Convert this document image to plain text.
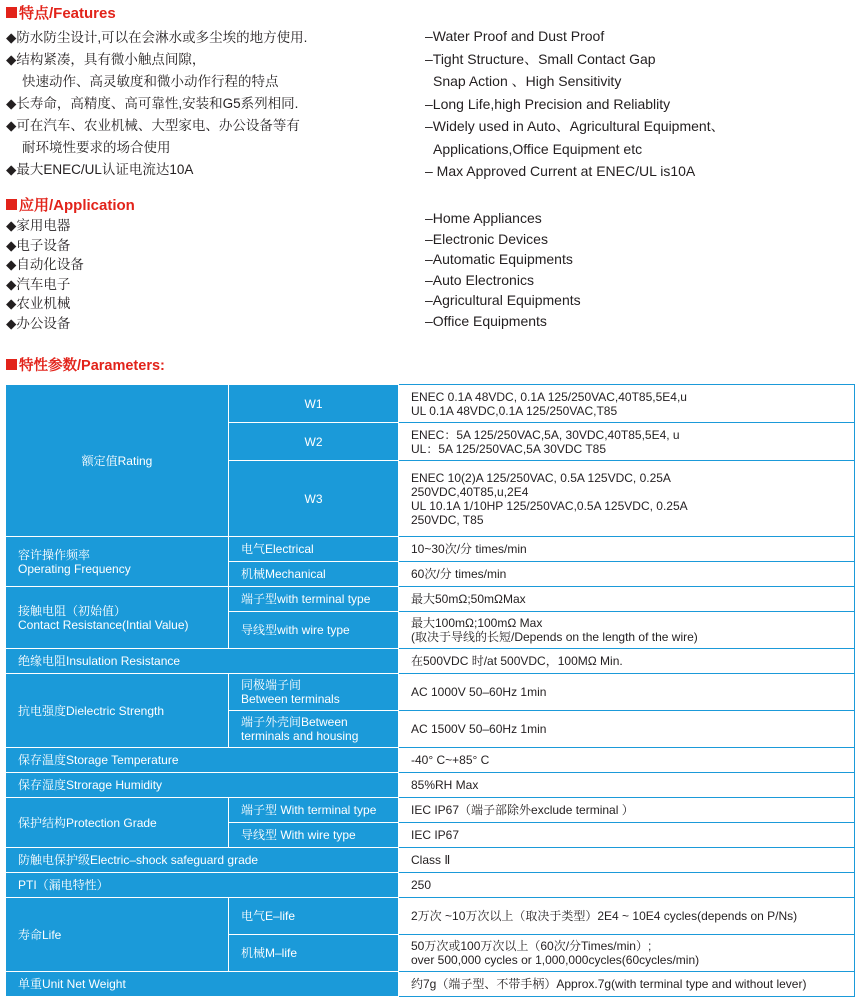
特点/Features
◆防水防尘设计,可以在会淋水或多尘埃的地方使用.
◆结构紧凑，具有微小触点间隙，
快速动作、高灵敏度和微小动作行程的特点
◆长寿命，高精度、高可靠性,安装和G5系列相同.
◆可在汽车、农业机械、大型家电、办公设备等有
耐环境性要求的场合使用
◆最大ENEC/UL认证电流达10A
–Water Proof and Dust Proof
–Tight Structure、Small Contact Gap
Snap Action 、High Sensitivity
–Long Life,high Precision and Reliablity
–Widely used in Auto、Agricultural Equipment、
Applications,Office Equipment etc
– Max Approved Current at ENEC/UL is10A
应用/Application
◆家用电器
◆电子设备
◆自动化设备
◆汽车电子
◆农业机械
◆办公设备
–Home Appliances
–Electronic Devices
–Automatic Equipments
–Auto Electronics
–Agricultural Equipments
–Office Equipments
特性参数/Parameters:
额定值Rating	W1	ENEC 0.1A 48VDC, 0.1A 125/250VAC,40T85,5E4,u
UL 0.1A 48VDC,0.1A 125/250VAC,T85
	W2	ENEC：5A 125/250VAC,5A, 30VDC,40T85,5E4, u
UL：5A 125/250VAC,5A 30VDC T85
	W3	ENEC 10(2)A 125/250VAC, 0.5A 125VDC, 0.25A
250VDC,40T85,u,2E4
UL 10.1A 1/10HP 125/250VAC,0.5A 125VDC, 0.25A
250VDC, T85
容许操作频率
Operating Frequency	电气Electrical	10~30次/分 times/min
	机械Mechanical	60次/分 times/min
接触电阻（初始值）
Contact Resistance(Intial Value)	端子型with terminal type	最大50mΩ;50mΩMax
	导线型with wire type	最大100mΩ;100mΩ Max
(取决于导线的长短/Depends on the length of the wire)
绝缘电阻Insulation Resistance		在500VDC 时/at 500VDC，100MΩ Min.
抗电强度Dielectric Strength	同极端子间
Between terminals	AC 1000V 50–60Hz 1min
	端子外壳间Between
terminals and housing	AC 1500V 50–60Hz 1min
保存温度Storage Temperature		-40° C~+85° C
保存湿度Strorage Humidity		85%RH Max
保护结构Protection Grade	端子型 With terminal type	IEC IP67（端子部除外exclude terminal ）
	导线型 With wire type	IEC IP67
防触电保护级Electric–shock safeguard grade		Class Ⅱ
PTI（漏电特性）		250
寿命Life	电气E–life	2万次 ~10万次以上（取决于类型）2E4 ~ 10E4 cycles(depends on P/Ns)
	机械M–life	50万次或100万次以上（60次/分Times/min）;
over 500,000 cycles or 1,000,000cycles(60cycles/min)
单重Unit Net Weight		约7g（端子型、不带手柄）Approx.7g(with terminal type and without lever)
